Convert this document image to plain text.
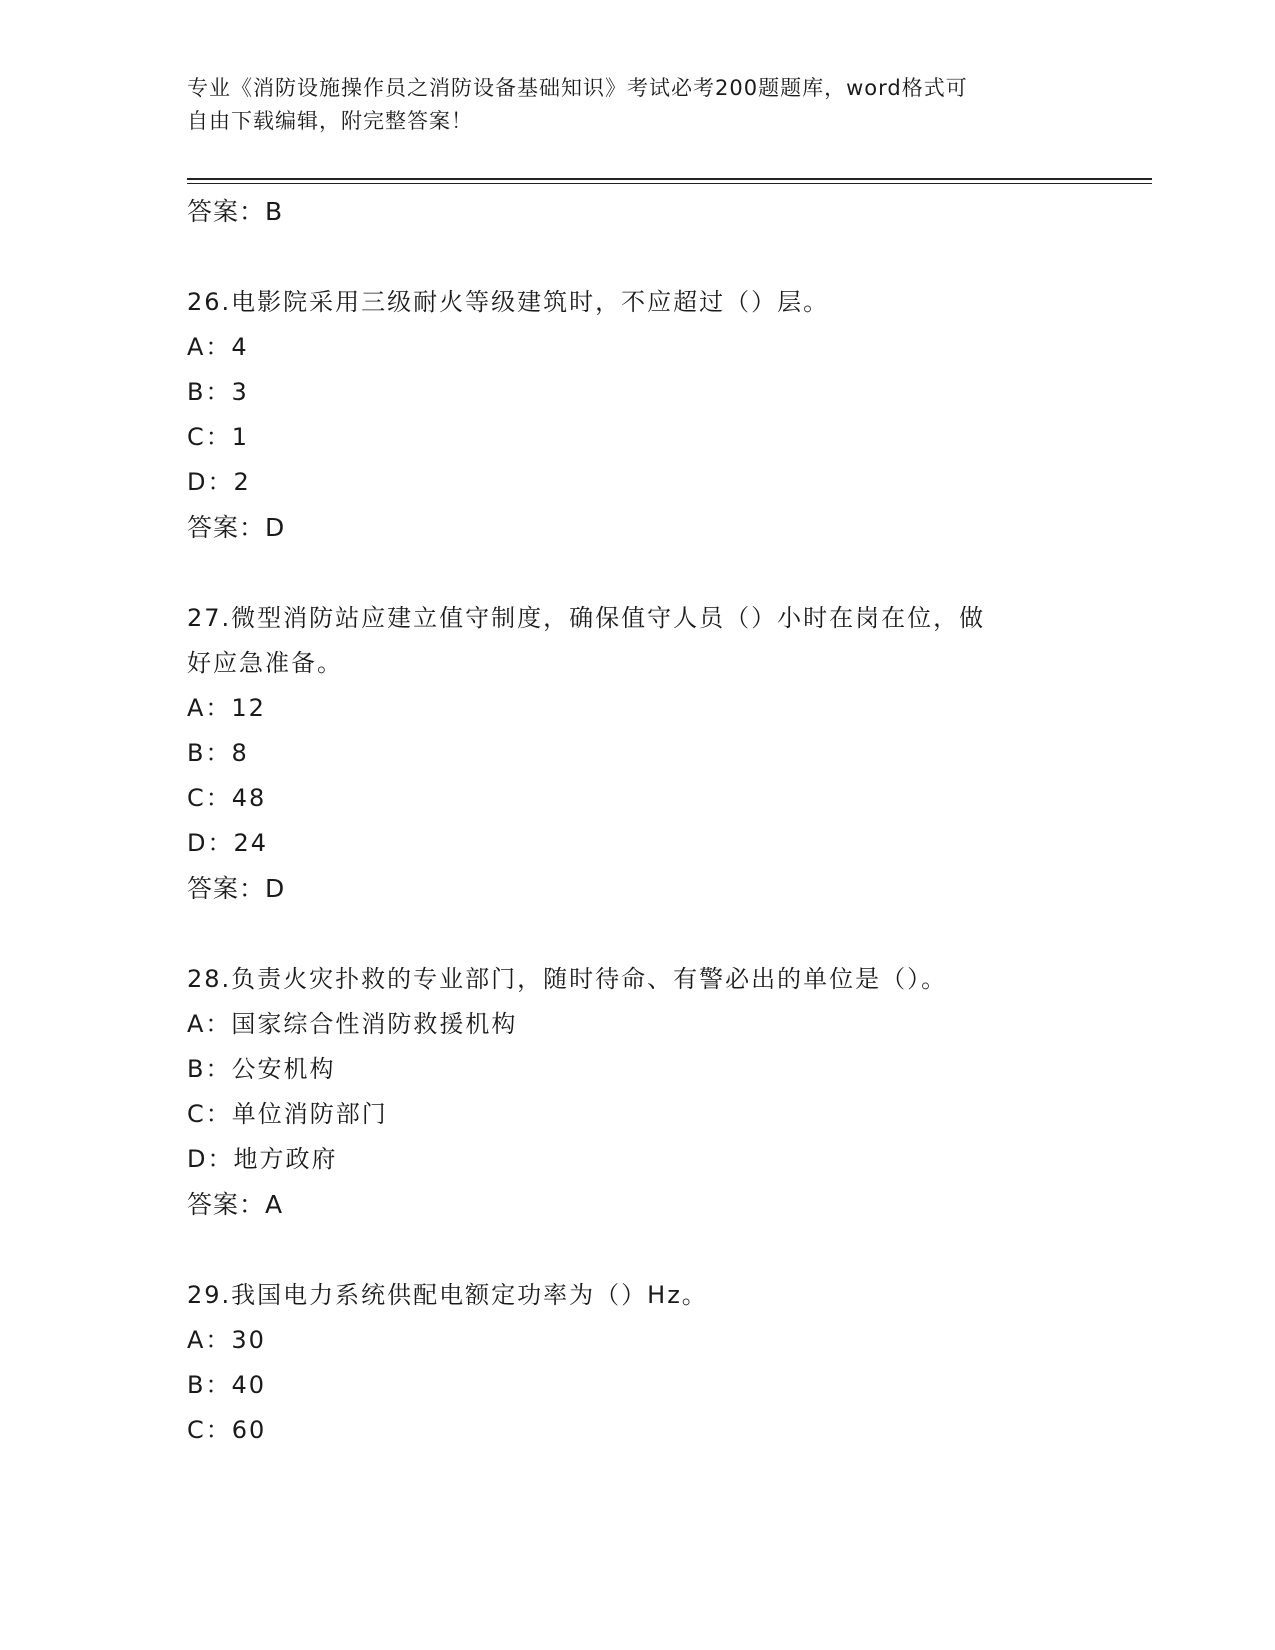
专业《消防设施操作员之消防设备基础知识》考试必考200题题库，word格式可
自由下载编辑，附完整答案！
答案：B
26.电影院采用三级耐火等级建筑时，不应超过（）层。
A：4
B：3
C：1
D：2
答案：D
27.微型消防站应建立值守制度，确保值守人员（）小时在岗在位，做
好应急准备。
A：12
B：8
C：48
D：24
答案：D
28.负责火灾扑救的专业部门，随时待命、有警必出的单位是（）。
A：国家综合性消防救援机构
B：公安机构
C：单位消防部门
D：地方政府
答案：A
29.我国电力系统供配电额定功率为（）Hz。
A：30
B：40
C：60
